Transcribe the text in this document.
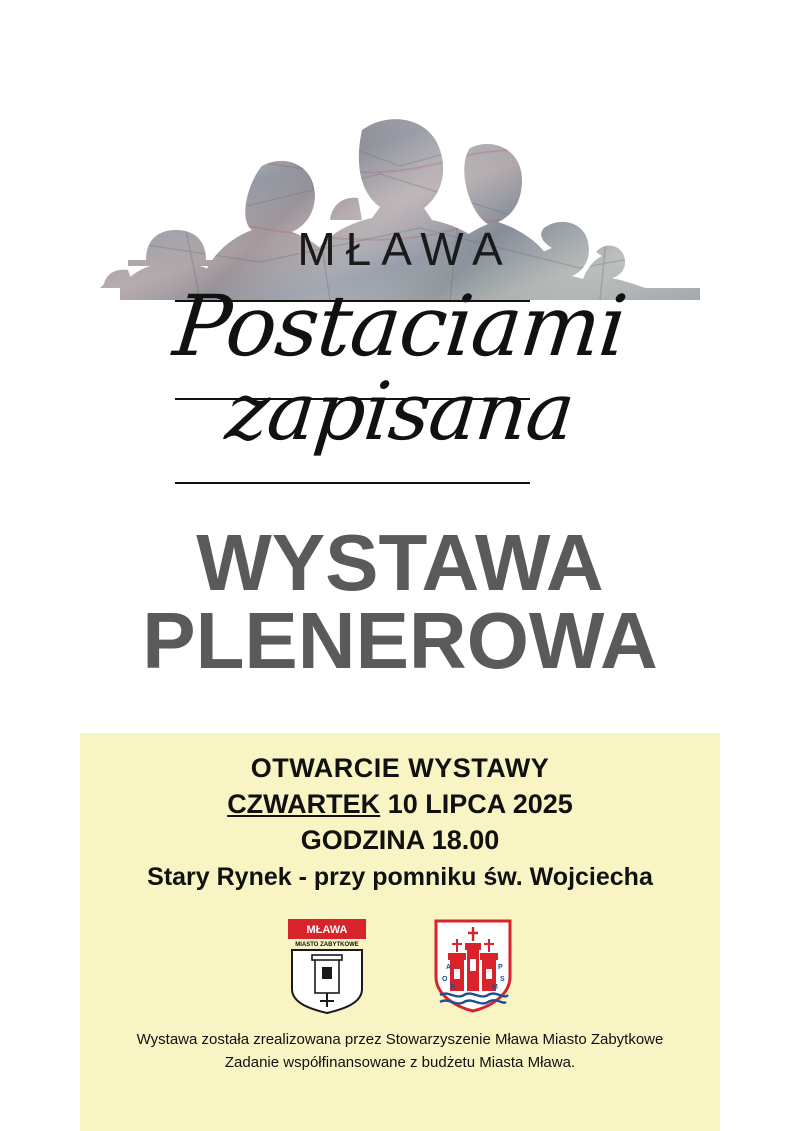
MŁAWA
Postaciami
zapisana
WYSTAWA
PLENEROWA
OTWARCIE WYSTAWY
CZWARTEK 10 LIPCA 2025
GODZINA 18.00
Stary Rynek - przy pomniku św. Wojciecha
MŁAWA
MIASTO ZABYTKOWE
A
O
R
P
S
M
Wystawa została zrealizowana przez Stowarzyszenie Mława Miasto Zabytkowe
Zadanie współfinansowane z budżetu Miasta Mława.
